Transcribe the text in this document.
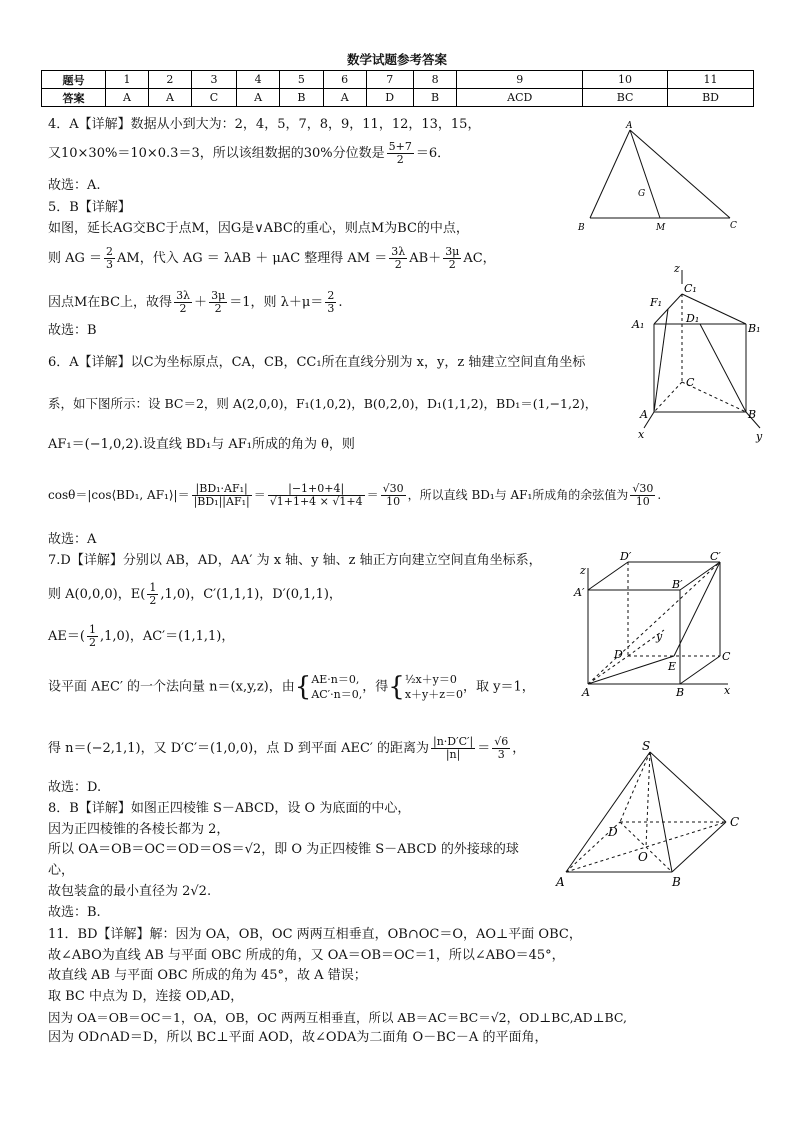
数学试题参考答案
题号	1	2	3	4	5	6	7	8	9	10	11
答案	A	A	C	A	B	A	D	B	ACD	BC	BD
4．A【详解】数据从小到大为：2，4，5，7，8，9，11，12，13，15，
又10×30%＝10×0.3＝3，所以该组数据的30%分位数是 $\frac{5+7}{2} =6$．
故选：A.
5．B【详解】
如图，延长AG交BC于点M，因G是∨ABC的重心，则点M为BC的中点，
则 AG ＝ $\frac{2}{3}$ AM，代入 AG ＝ λAB ＋ μAC 整理得 AM ＝ $\frac{3\lambda}{2} AB+ \frac{3\mu}{2}$ AC，
因点M在BC上，故得 $\frac{3\lambda}{2} + \frac{3\mu}{2} =1$，则 $\lambda+\mu= \frac{2}{3}$ .
故选：B
6．A【详解】以C为坐标原点，CA，CB，CC₁所在直线分别为 x，y，z 轴建立空间直角坐标
系，如下图所示：设 BC＝2，则 A(2,0,0)，F₁(1,0,2)，B(0,2,0)，D₁(1,1,2)，BD₁＝(1,−1,2)，
AF₁＝(−1,0,2).设直线 BD₁与 AF₁所成的角为 θ，则
cosθ＝|cos⟨BD₁, AF₁⟩|＝ $\frac{\text{|BD₁·AF₁|}}{\text{|BD₁||AF₁|}} = \frac{|-1+0+4|}{√1+1+4 \times √1+4} = \frac{√30}{10}$ ，所以直线 BD₁与 AF₁所成角的余弦值为 $\frac{√30}{10}$ .
故选：A
7.D【详解】分别以 AB，AD，AA′ 为 x 轴、y 轴、z 轴正方向建立空间直角坐标系，
则 A(0,0,0)，$E( \frac{1}{2} ,1,0)$，C′(1,1,1)，D′(0,1,1)，
$AE=( \frac{1}{2} ,1,0)$，AC′＝(1,1,1)，
设平面 AEC′ 的一个法向量 n＝(x,y,z)，由{ AE·n＝0,
AC′·n＝0, ，得{ ½x＋y＝0
x＋y＋z＝0 ，取 y＝1，
得 n＝(−2,1,1)，又 D′C′＝(1,0,0)，点 D 到平面 AEC′ 的距离为 $\frac{|n\cdot D'C'|}{|n|} = \frac{√6}{3}$ ，
故选：D.
8．B【详解】如图正四棱锥 S－ABCD，设 O 为底面的中心，
因为正四棱锥的各棱长都为 2，
所以 OA＝OB＝OC＝OD＝OS＝√2，即 O 为正四棱锥 S－ABCD 的外接球的球
心，
故包装盒的最小直径为 2√2.
故选：B.
11．BD【详解】解：因为 OA，OB，OC 两两互相垂直，OB∩OC＝O，AO⊥平面 OBC，
故∠ABO为直线 AB 与平面 OBC 所成的角，又 OA＝OB＝OC＝1，所以∠ABO＝45°，
故直线 AB 与平面 OBC 所成的角为 45°，故 A 错误；
取 BC 中点为 D，连接 OD,AD，
因为 OA＝OB＝OC＝1，OA，OB，OC 两两互相垂直，所以 AB＝AC＝BC＝√2，OD⊥BC,AD⊥BC,
因为 OD∩AD＝D，所以 BC⊥平面 AOD，故∠ODA为二面角 O－BC－A 的平面角，
A
G
B	M	C
z
F₁
C₁
A₁	D₁
B₁
C
A	B
x	y
D′	C′
z
A′
B′
y
D
E
C
A	B	x
S
D
C
O
A	B
